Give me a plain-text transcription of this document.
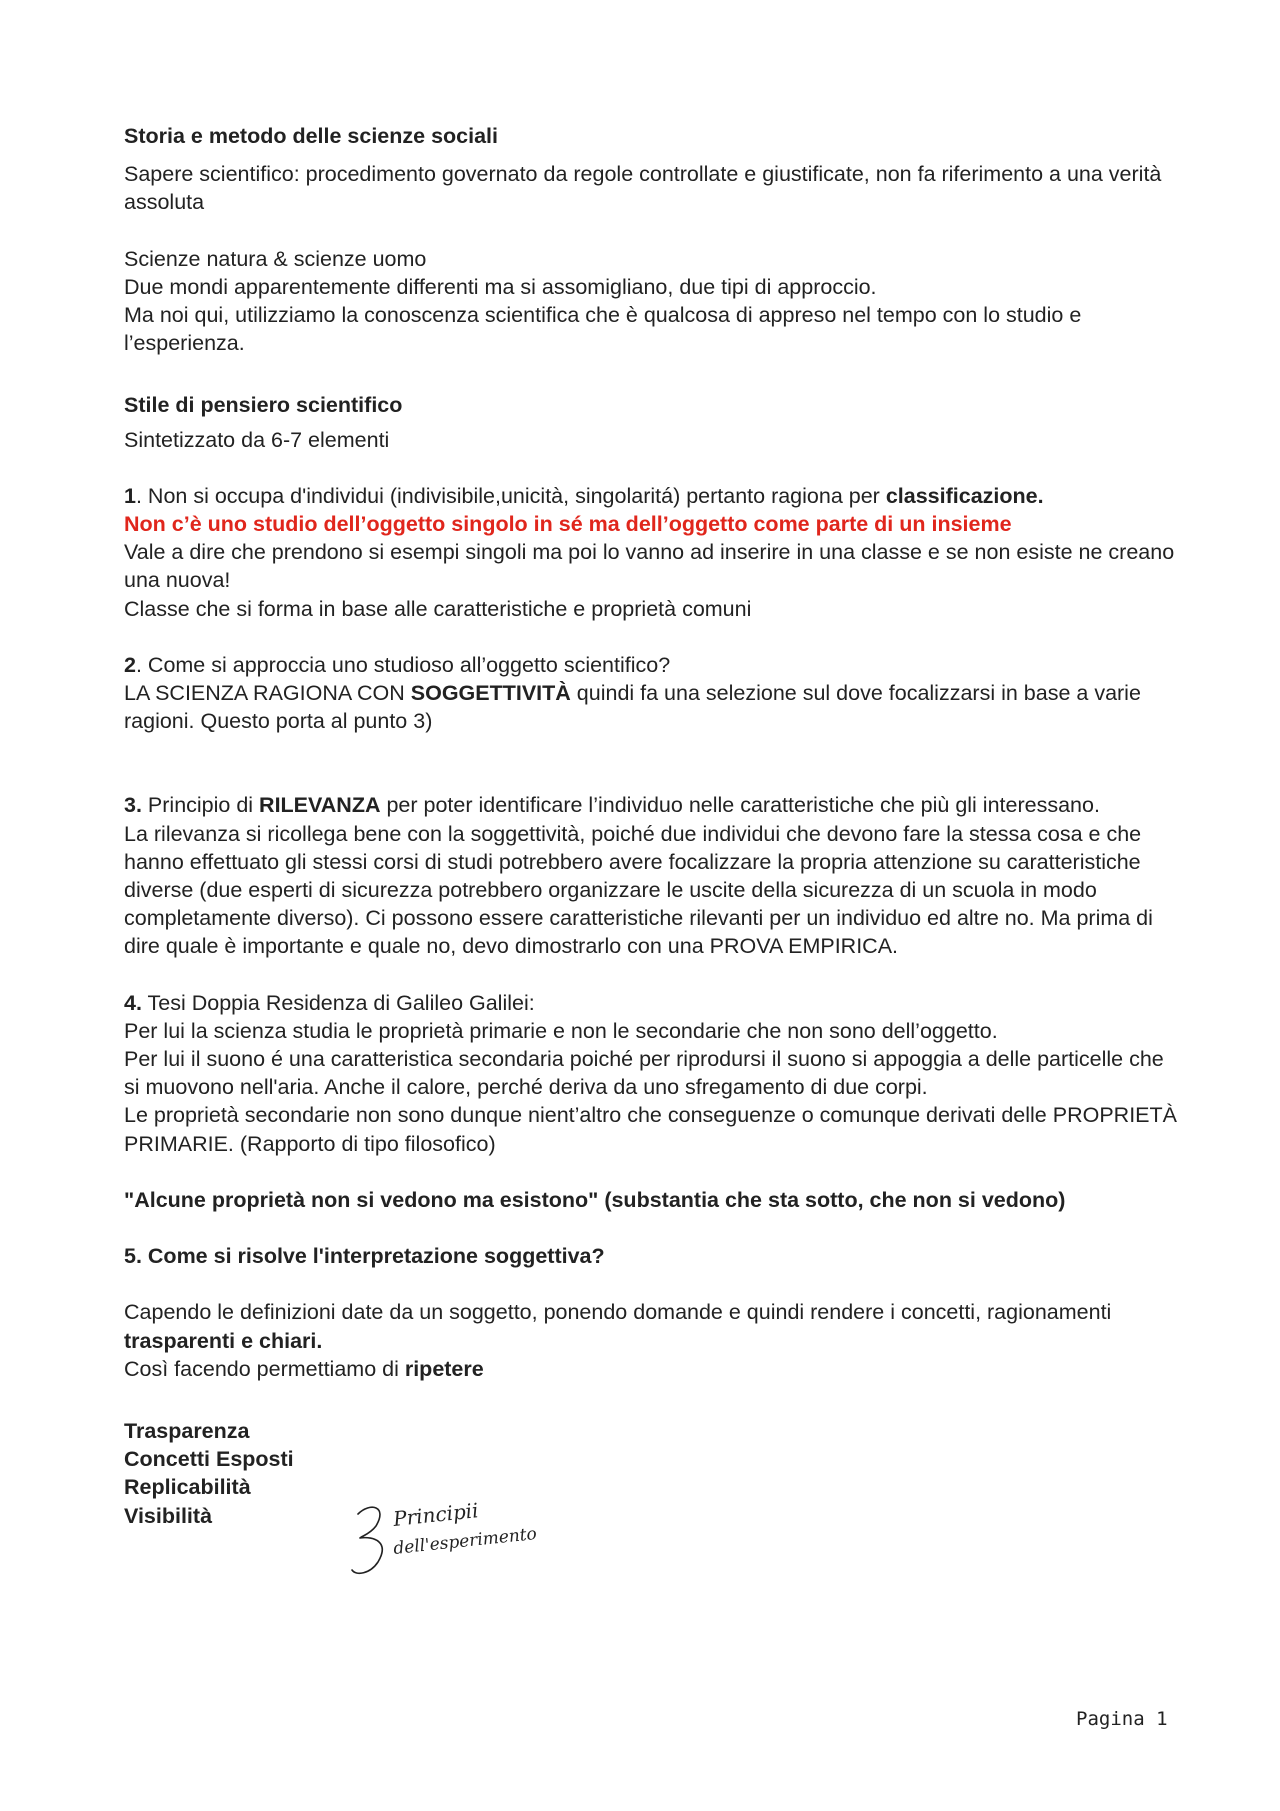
Storia e metodo delle scienze sociali

Sapere scientifico: procedimento governato da regole controllate e giustificate, non fa riferimento a una verità assoluta

Scienze natura & scienze uomo

Due mondi apparentemente differenti ma si assomigliano, due tipi di approccio.

Ma noi qui, utilizziamo la conoscenza scientifica che è qualcosa di appreso nel tempo con lo studio e l’esperienza.

Stile di pensiero scientifico

Sintetizzato da 6-7 elementi

1. Non si occupa d'individui (indivisibile,unicità, singolaritá) pertanto ragiona per classificazione.

Non c’è uno studio dell’oggetto singolo in sé ma dell’oggetto come parte di un insieme

Vale a dire che prendono si esempi singoli ma poi lo vanno ad inserire in una classe e se non esiste ne creano una nuova!

Classe che si forma in base alle caratteristiche e proprietà comuni

2. Come si approccia uno studioso all’oggetto scientifico?

LA SCIENZA RAGIONA CON SOGGETTIVITÀ quindi fa una selezione sul dove focalizzarsi in base a varie ragioni. Questo porta al punto 3)

3. Principio di RILEVANZA per poter identificare l’individuo nelle caratteristiche che più gli interessano.

La rilevanza si ricollega bene con la soggettività, poiché due individui che devono fare la stessa cosa e che hanno effettuato gli stessi corsi di studi potrebbero avere focalizzare la propria attenzione su caratteristiche diverse (due esperti di sicurezza potrebbero organizzare le uscite della sicurezza di un scuola in modo completamente diverso). Ci possono essere caratteristiche rilevanti per un individuo ed altre no. Ma prima di dire quale è importante e quale no, devo dimostrarlo con una PROVA EMPIRICA.

4. Tesi Doppia Residenza di Galileo Galilei:

Per lui la scienza studia le proprietà primarie e non le secondarie che non sono dell’oggetto.

Per lui il suono é una caratteristica secondaria poiché per riprodursi il suono si appoggia a delle particelle che si muovono nell'aria. Anche il calore, perché deriva da uno sfregamento di due corpi.

Le proprietà secondarie non sono dunque nient’altro che conseguenze o comunque derivati delle PROPRIETÀ PRIMARIE. (Rapporto di tipo filosofico)

"Alcune proprietà non si vedono ma esistono" (substantia che sta sotto, che non si vedono)

5. Come si risolve l'interpretazione soggettiva?

Capendo le definizioni date da un soggetto, ponendo domande e quindi rendere i concetti, ragionamenti trasparenti e chiari.

Così facendo permettiamo di ripetere

Trasparenza

Concetti Esposti

Replicabilità

Visibilità	Principii
dell'esperimento
Pagina 1
